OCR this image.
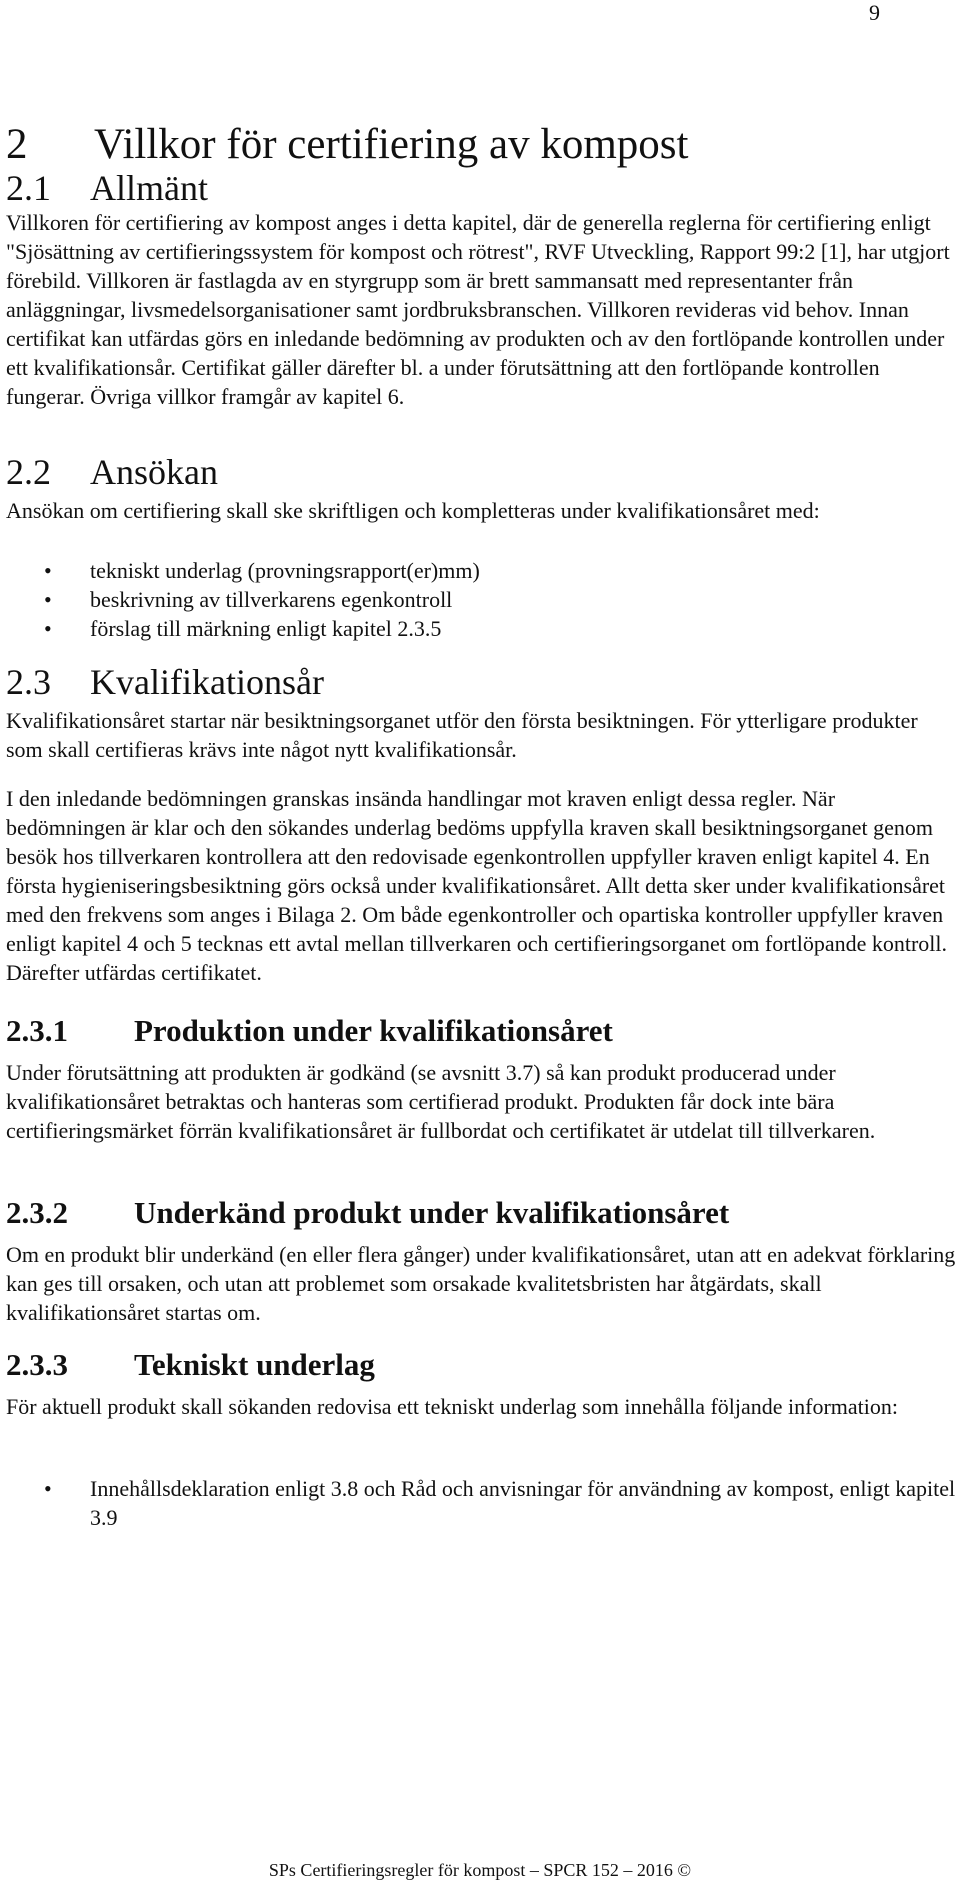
9
2 Villkor för certifiering av kompost
2.1 Allmänt

Villkoren för certifiering av kompost anges i detta kapitel, där de generella reglerna för certifiering enligt "Sjösättning av certifieringssystem för kompost och rötrest", RVF Utveckling, Rapport 99:2 [1], har utgjort förebild. Villkoren är fastlagda av en styrgrupp som är brett sammansatt med representanter från anläggningar, livsmedelsorganisationer samt jordbruksbranschen. Villkoren revideras vid behov. Innan certifikat kan utfärdas görs en inledande bedömning av produkten och av den fortlöpande kontrollen under ett kvalifikationsår. Certifikat gäller därefter bl. a under förutsättning att den fortlöpande kontrollen fungerar. Övriga villkor framgår av kapitel 6.

2.2 Ansökan

Ansökan om certifiering skall ske skriftligen och kompletteras under kvalifikationsåret med:

• tekniskt underlag (provningsrapport(er)mm)
• beskrivning av tillverkarens egenkontroll
• förslag till märkning enligt kapitel 2.3.5
2.3 Kvalifikationsår

Kvalifikationsåret startar när besiktningsorganet utför den första besiktningen. För ytterligare produkter som skall certifieras krävs inte något nytt kvalifikationsår.

I den inledande bedömningen granskas insända handlingar mot kraven enligt dessa regler. När bedömningen är klar och den sökandes underlag bedöms uppfylla kraven skall besiktningsorganet genom besök hos tillverkaren kontrollera att den redovisade egenkontrollen uppfyller kraven enligt kapitel 4. En första hygieniseringsbesiktning görs också under kvalifikationsåret. Allt detta sker under kvalifikationsåret med den frekvens som anges i Bilaga 2. Om både egenkontroller och opartiska kontroller uppfyller kraven enligt kapitel 4 och 5 tecknas ett avtal mellan tillverkaren och certifieringsorganet om fortlöpande kontroll. Därefter utfärdas certifikatet.

2.3.1 Produktion under kvalifikationsåret

Under förutsättning att produkten är godkänd (se avsnitt 3.7) så kan produkt producerad under kvalifikationsåret betraktas och hanteras som certifierad produkt. Produkten får dock inte bära certifieringsmärket förrän kvalifikationsåret är fullbordat och certifikatet är utdelat till tillverkaren.

2.3.2 Underkänd produkt under kvalifikationsåret

Om en produkt blir underkänd (en eller flera gånger) under kvalifikationsåret, utan att en adekvat förklaring kan ges till orsaken, och utan att problemet som orsakade kvalitetsbristen har åtgärdats, skall kvalifikationsåret startas om.

2.3.3 Tekniskt underlag

För aktuell produkt skall sökanden redovisa ett tekniskt underlag som innehålla följande information:

• Innehållsdeklaration enligt 3.8 och Råd och anvisningar för användning av kompost, enligt kapitel 3.9
SPs Certifieringsregler för kompost – SPCR 152 – 2016 ©
